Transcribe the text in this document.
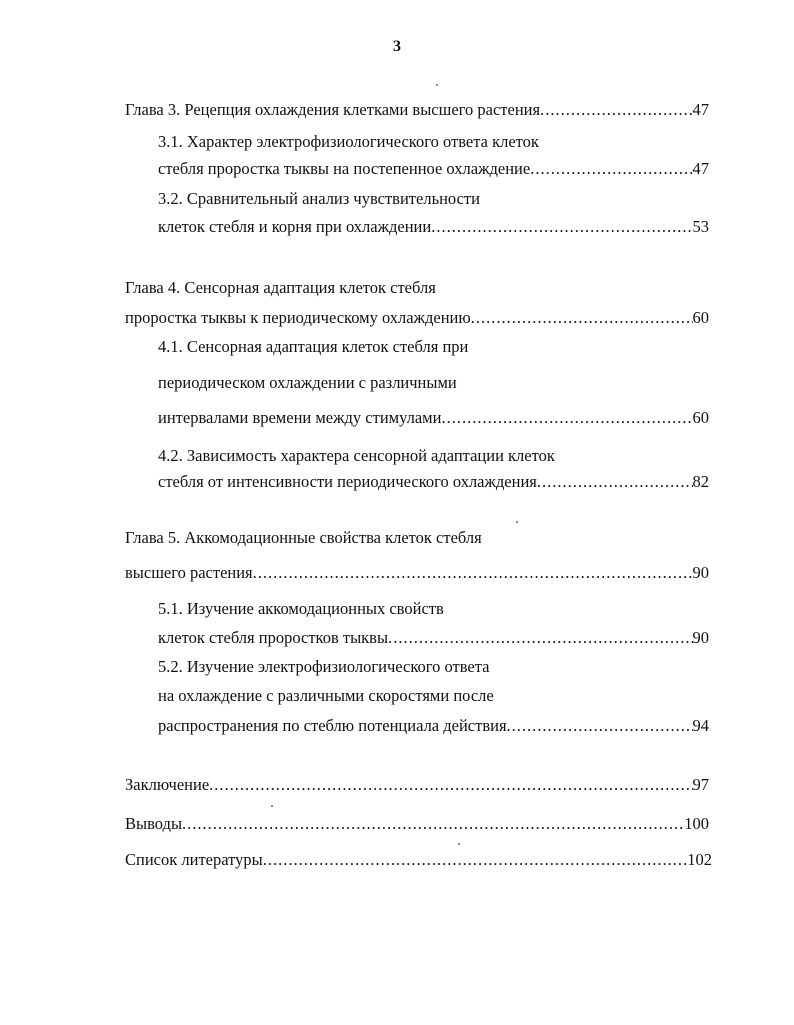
3
Глава 3. Рецепция охлаждения клетками высшего растения .....	47
3.1. Характер электрофизиологического ответа клеток
стебля проростка тыквы на постепенное охлаждение .....	47
3.2. Сравнительный анализ чувствительности
клеток стебля и корня при охлаждении .....	53
Глава 4. Сенсорная адаптация клеток стебля
проростка тыквы к периодическому охлаждению .....	60
4.1. Сенсорная адаптация клеток стебля при
периодическом охлаждении с различными
интервалами времени между стимулами .....	60
4.2. Зависимость характера сенсорной адаптации клеток
стебля от интенсивности периодического охлаждения .....	82
Глава 5. Аккомодационные свойства клеток стебля
высшего растения .....	90
5.1. Изучение аккомодационных свойств
клеток стебля проростков тыквы .....	90
5.2. Изучение электрофизиологического ответа
на охлаждение с различными скоростями после
распространения по стеблю потенциала действия .....	94
Заключение .....	97
Выводы .....	100
Список литературы .....	102
